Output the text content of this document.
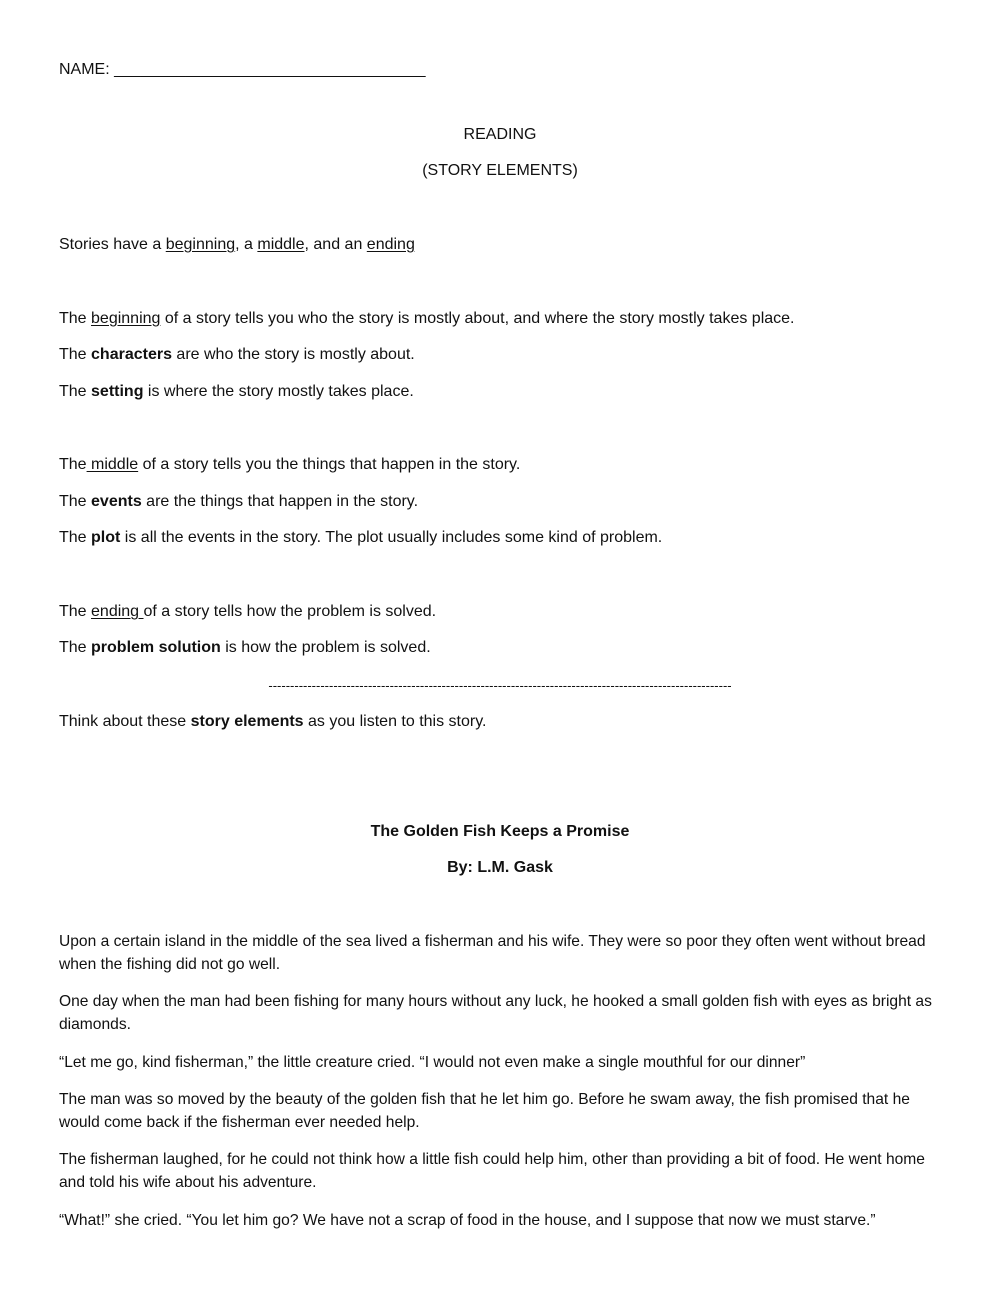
NAME: ___________________________________

READING

(STORY ELEMENTS)

Stories have a beginning, a middle, and an ending

The beginning of a story tells you who the story is mostly about, and where the story mostly takes place.

The characters are who the story is mostly about.

The setting is where the story mostly takes place.

The middle of a story tells you the things that happen in the story.

The events are the things that happen in the story.

The plot is all the events in the story. The plot usually includes some kind of problem.

The ending of a story tells how the problem is solved.

The problem solution is how the problem is solved.

-----------------------------------------------------------------------------------------------------------

Think about these story elements as you listen to this story.

The Golden Fish Keeps a Promise

By: L.M. Gask

Upon a certain island in the middle of the sea lived a fisherman and his wife. They were so poor they often went without bread when the fishing did not go well.

One day when the man had been fishing for many hours without any luck, he hooked a small golden fish with eyes as bright as diamonds.

“Let me go, kind fisherman,” the little creature cried. “I would not even make a single mouthful for our dinner”

The man was so moved by the beauty of the golden fish that he let him go. Before he swam away, the fish promised that he would come back if the fisherman ever needed help.

The fisherman laughed, for he could not think how a little fish could help him, other than providing a bit of food. He went home and told his wife about his adventure.

“What!” she cried. “You let him go? We have not a scrap of food in the house, and I suppose that now we must starve.”
